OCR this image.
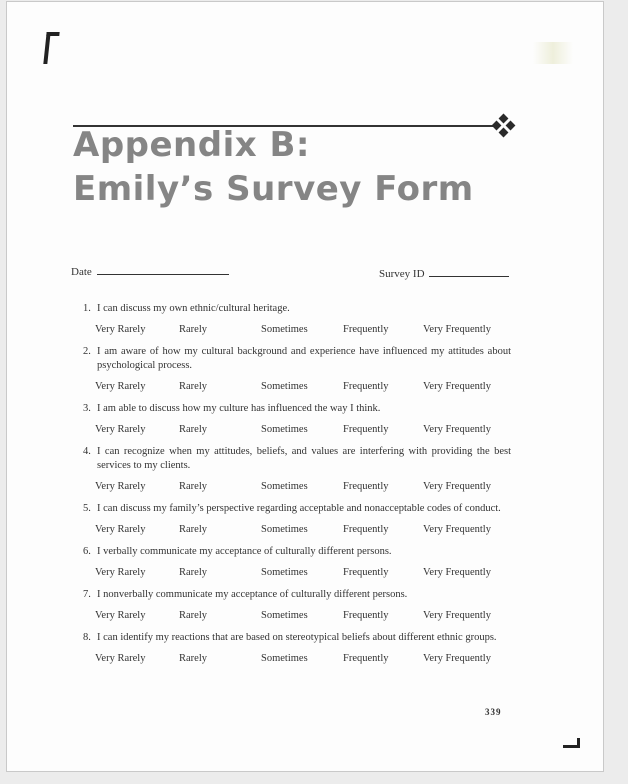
Appendix B:
Emily’s Survey Form
Date	Survey ID
1. I can discuss my own ethnic/cultural heritage.
Very Rarely	Rarely	Sometimes	Frequently	Very Frequently
2. I am aware of how my cultural background and experience have influenced my attitudes about psychological process.
Very Rarely	Rarely	Sometimes	Frequently	Very Frequently
3. I am able to discuss how my culture has influenced the way I think.
Very Rarely	Rarely	Sometimes	Frequently	Very Frequently
4. I can recognize when my attitudes, beliefs, and values are interfering with providing the best services to my clients.
Very Rarely	Rarely	Sometimes	Frequently	Very Frequently
5. I can discuss my family’s perspective regarding acceptable and nonacceptable codes of conduct.
Very Rarely	Rarely	Sometimes	Frequently	Very Frequently
6. I verbally communicate my acceptance of culturally different persons.
Very Rarely	Rarely	Sometimes	Frequently	Very Frequently
7. I nonverbally communicate my acceptance of culturally different persons.
Very Rarely	Rarely	Sometimes	Frequently	Very Frequently
8. I can identify my reactions that are based on stereotypical beliefs about different ethnic groups.
Very Rarely	Rarely	Sometimes	Frequently	Very Frequently
339
